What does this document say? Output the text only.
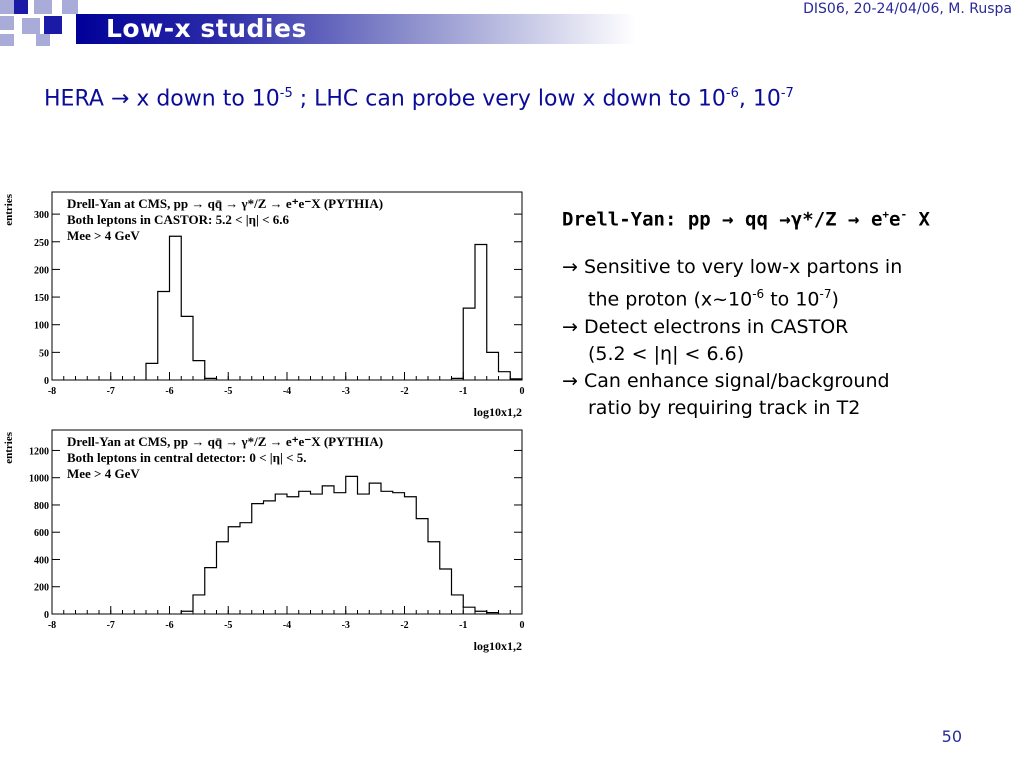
Low-x studies
DIS06, 20-24/04/06, M. Ruspa
HERA → x down to $10^{-5}$ ; LHC can probe very low x down to $10^{-6}$, $10^{-7}$
-8	-7	-6	-5	-4	-3	-2	-1	0
0
50
100
150
200
250
300
Drell-Yan at CMS, pp → qq̄ → γ*/Z → e⁺e⁻X (PYTHIA)
Both leptons in CASTOR: 5.2 < |η| < 6.6
Mee > 4 GeV
entries
log10x1,2
-8	-7	-6	-5	-4	-3	-2	-1	0
0
200
400
600
800
1000
1200
Drell-Yan at CMS, pp → qq̄ → γ*/Z → e⁺e⁻X (PYTHIA)
Both leptons in central detector: 0 < |η| < 5.
Mee > 4 GeV
entries
log10x1,2
Drell-Yan: pp → qq →γ*/Z → e+e- X
→ Sensitive to very low-x partons in
the proton ($x\sim 10^{-6}$ to $10^{-7}$)
→ Detect electrons in CASTOR
(5.2 < |η| < 6.6)
→ Can enhance signal/background
ratio by requiring track in T2
50
